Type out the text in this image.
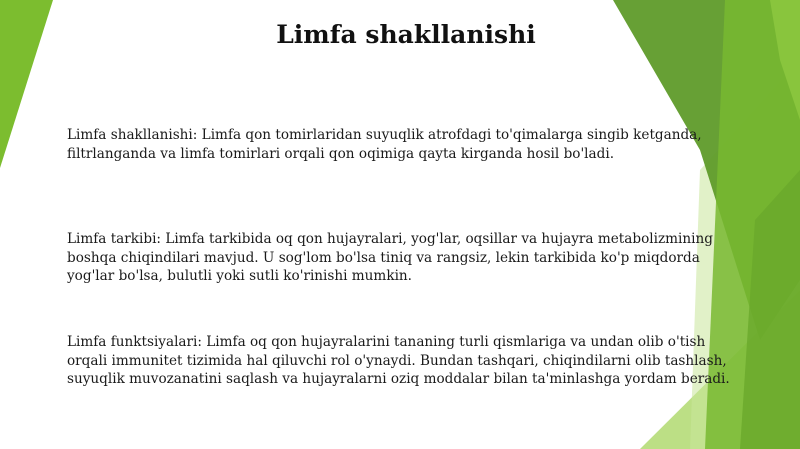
Limfa shakllanishi
Limfa shakllanishi: Limfa qon tomirlaridan suyuqlik atrofdagi to'qimalarga singib ketganda,
filtrlanganda va limfa tomirlari orqali qon oqimiga qayta kirganda hosil bo'ladi.
Limfa tarkibi: Limfa tarkibida oq qon hujayralari, yog'lar, oqsillar va hujayra metabolizmining
boshqa chiqindilari mavjud. U sog'lom bo'lsa tiniq va rangsiz, lekin tarkibida ko'p miqdorda
yog'lar bo'lsa, bulutli yoki sutli ko'rinishi mumkin.
Limfa funktsiyalari: Limfa oq qon hujayralarini tananing turli qismlariga va undan olib o'tish
orqali immunitet tizimida hal qiluvchi rol o'ynaydi. Bundan tashqari, chiqindilarni olib tashlash,
suyuqlik muvozanatini saqlash va hujayralarni oziq moddalar bilan ta'minlashga yordam beradi.
